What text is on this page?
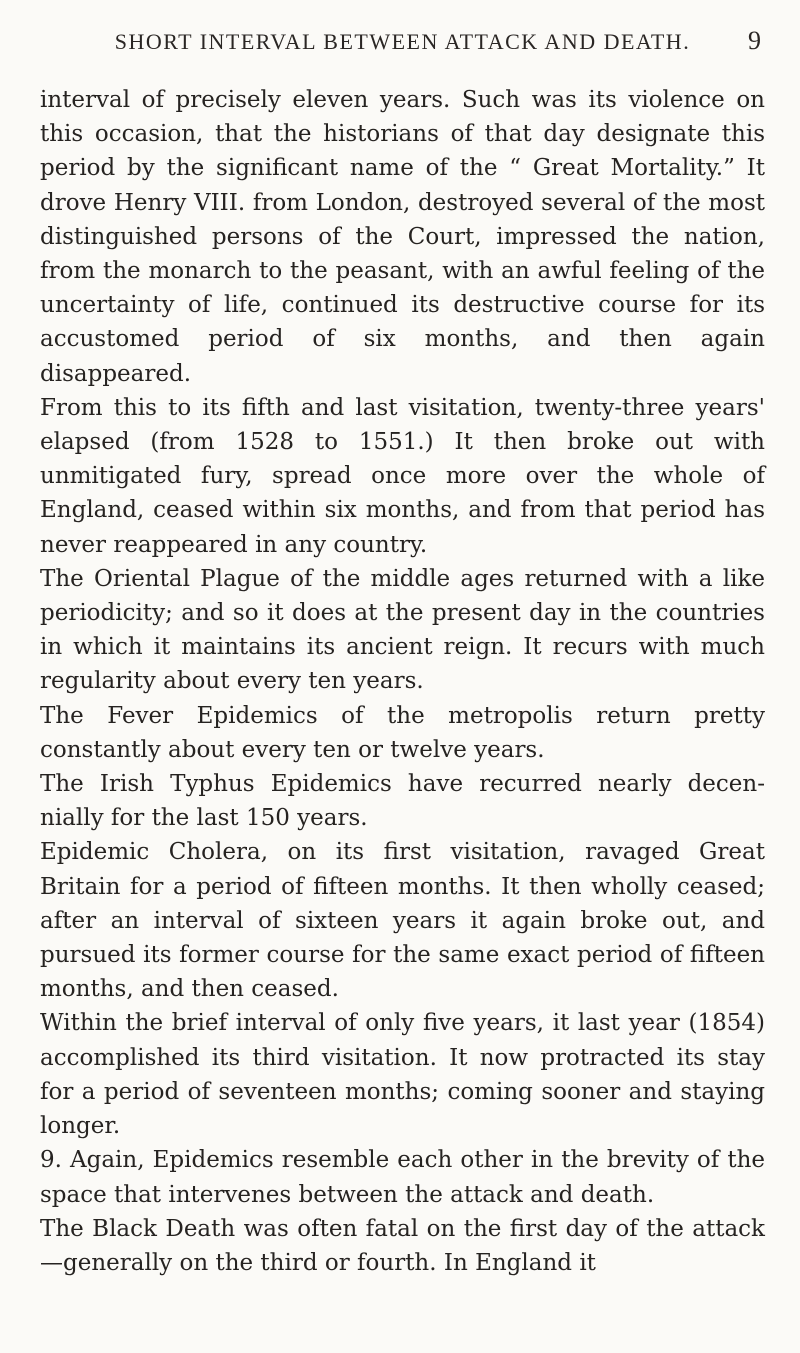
SHORT INTERVAL BETWEEN ATTACK AND DEATH. 9

interval of precisely eleven years. Such was its violence on this occasion, that the historians of that day designate this period by the significant name of the “ Great Mortality.” It drove Henry VIII. from London, destroyed several of the most distinguished persons of the Court, impressed the nation, from the monarch to the peasant, with an awful feeling of the uncertainty of life, continued its destructive course for its accustomed period of six months, and then again disappeared.

From this to its fifth and last visitation, twenty-three years' elapsed (from 1528 to 1551.) It then broke out with unmitigated fury, spread once more over the whole of England, ceased within six months, and from that period has never reappeared in any country.

The Oriental Plague of the middle ages returned with a like periodicity; and so it does at the present day in the countries in which it maintains its ancient reign. It recurs with much regularity about every ten years.

The Fever Epidemics of the metropolis return pretty constantly about every ten or twelve years.

The Irish Typhus Epidemics have recurred nearly decen- nially for the last 150 years.

Epidemic Cholera, on its first visitation, ravaged Great Britain for a period of fifteen months. It then wholly ceased; after an interval of sixteen years it again broke out, and pursued its former course for the same exact period of fifteen months, and then ceased.

Within the brief interval of only five years, it last year (1854) accomplished its third visitation. It now protracted its stay for a period of seventeen months; coming sooner and staying longer.

9. Again, Epidemics resemble each other in the brevity of the space that intervenes between the attack and death.

The Black Death was often fatal on the first day of the attack—generally on the third or fourth. In England it
